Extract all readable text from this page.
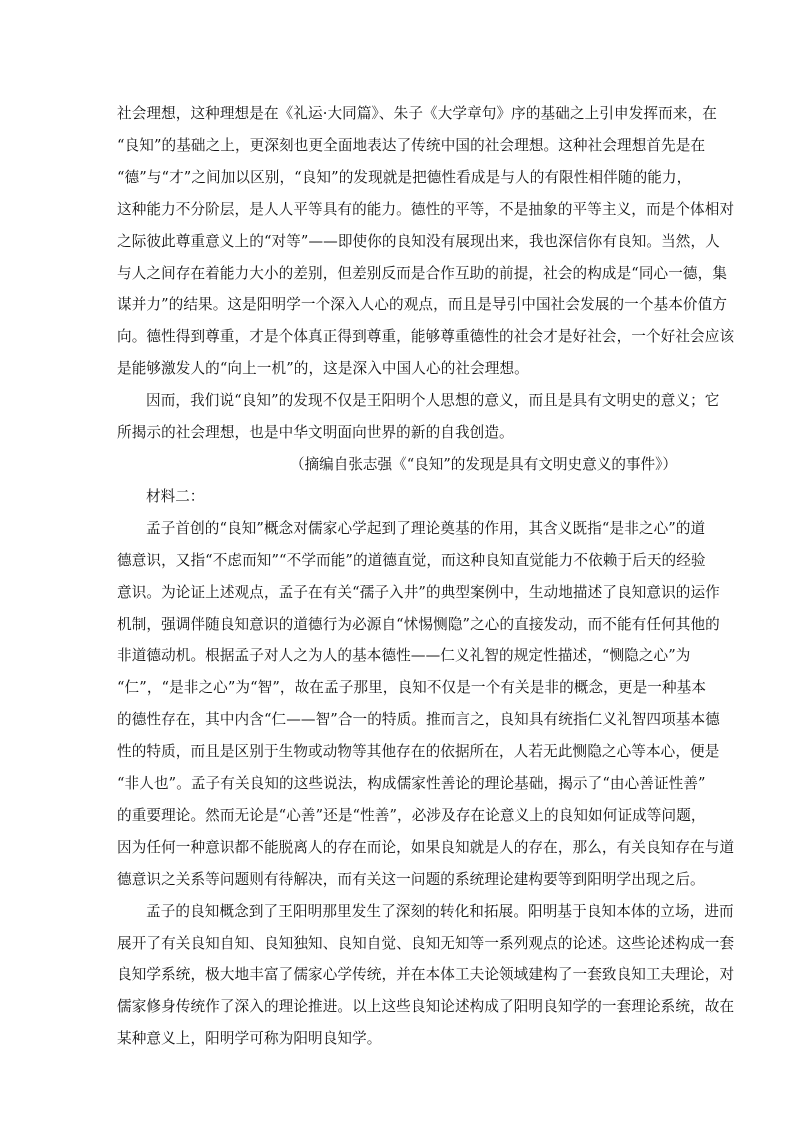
社会理想，这种理想是在《礼运·大同篇》、朱子《大学章句》序的基础之上引申发挥而来，在
“良知”的基础之上，更深刻也更全面地表达了传统中国的社会理想。这种社会理想首先是在
“德”与“才”之间加以区别，“良知”的发现就是把德性看成是与人的有限性相伴随的能力，
这种能力不分阶层，是人人平等具有的能力。德性的平等，不是抽象的平等主义，而是个体相对
之际彼此尊重意义上的“对等”——即使你的良知没有展现出来，我也深信你有良知。当然，人
与人之间存在着能力大小的差别，但差别反而是合作互助的前提，社会的构成是“同心一德，集
谋并力”的结果。这是阳明学一个深入人心的观点，而且是导引中国社会发展的一个基本价值方
向。德性得到尊重，才是个体真正得到尊重，能够尊重德性的社会才是好社会，一个好社会应该
是能够激发人的“向上一机”的，这是深入中国人心的社会理想。
因而，我们说“良知”的发现不仅是王阳明个人思想的意义，而且是具有文明史的意义；它
所揭示的社会理想，也是中华文明面向世界的新的自我创造。

（摘编自张志强《“良知”的发现是具有文明史意义的事件》）

材料二：

孟子首创的“良知”概念对儒家心学起到了理论奠基的作用，其含义既指“是非之心”的道
德意识，又指“不虑而知”“不学而能”的道德直觉，而这种良知直觉能力不依赖于后天的经验
意识。为论证上述观点，孟子在有关“孺子入井”的典型案例中，生动地描述了良知意识的运作
机制，强调伴随良知意识的道德行为必源自“怵惕恻隐”之心的直接发动，而不能有任何其他的
非道德动机。根据孟子对人之为人的基本德性——仁义礼智的规定性描述，“恻隐之心”为
“仁”，“是非之心”为“智”，故在孟子那里，良知不仅是一个有关是非的概念，更是一种基本
的德性存在，其中内含“仁——智”合一的特质。推而言之，良知具有统指仁义礼智四项基本德
性的特质，而且是区别于生物或动物等其他存在的依据所在，人若无此恻隐之心等本心，便是
“非人也”。孟子有关良知的这些说法，构成儒家性善论的理论基础，揭示了“由心善证性善”
的重要理论。然而无论是“心善”还是“性善”，必涉及存在论意义上的良知如何证成等问题，
因为任何一种意识都不能脱离人的存在而论，如果良知就是人的存在，那么，有关良知存在与道
德意识之关系等问题则有待解决，而有关这一问题的系统理论建构要等到阳明学出现之后。
孟子的良知概念到了王阳明那里发生了深刻的转化和拓展。阳明基于良知本体的立场，进而
展开了有关良知自知、良知独知、良知自觉、良知无知等一系列观点的论述。这些论述构成一套
良知学系统，极大地丰富了儒家心学传统，并在本体工夫论领域建构了一套致良知工夫理论，对
儒家修身传统作了深入的理论推进。以上这些良知论述构成了阳明良知学的一套理论系统，故在
某种意义上，阳明学可称为阳明良知学。
